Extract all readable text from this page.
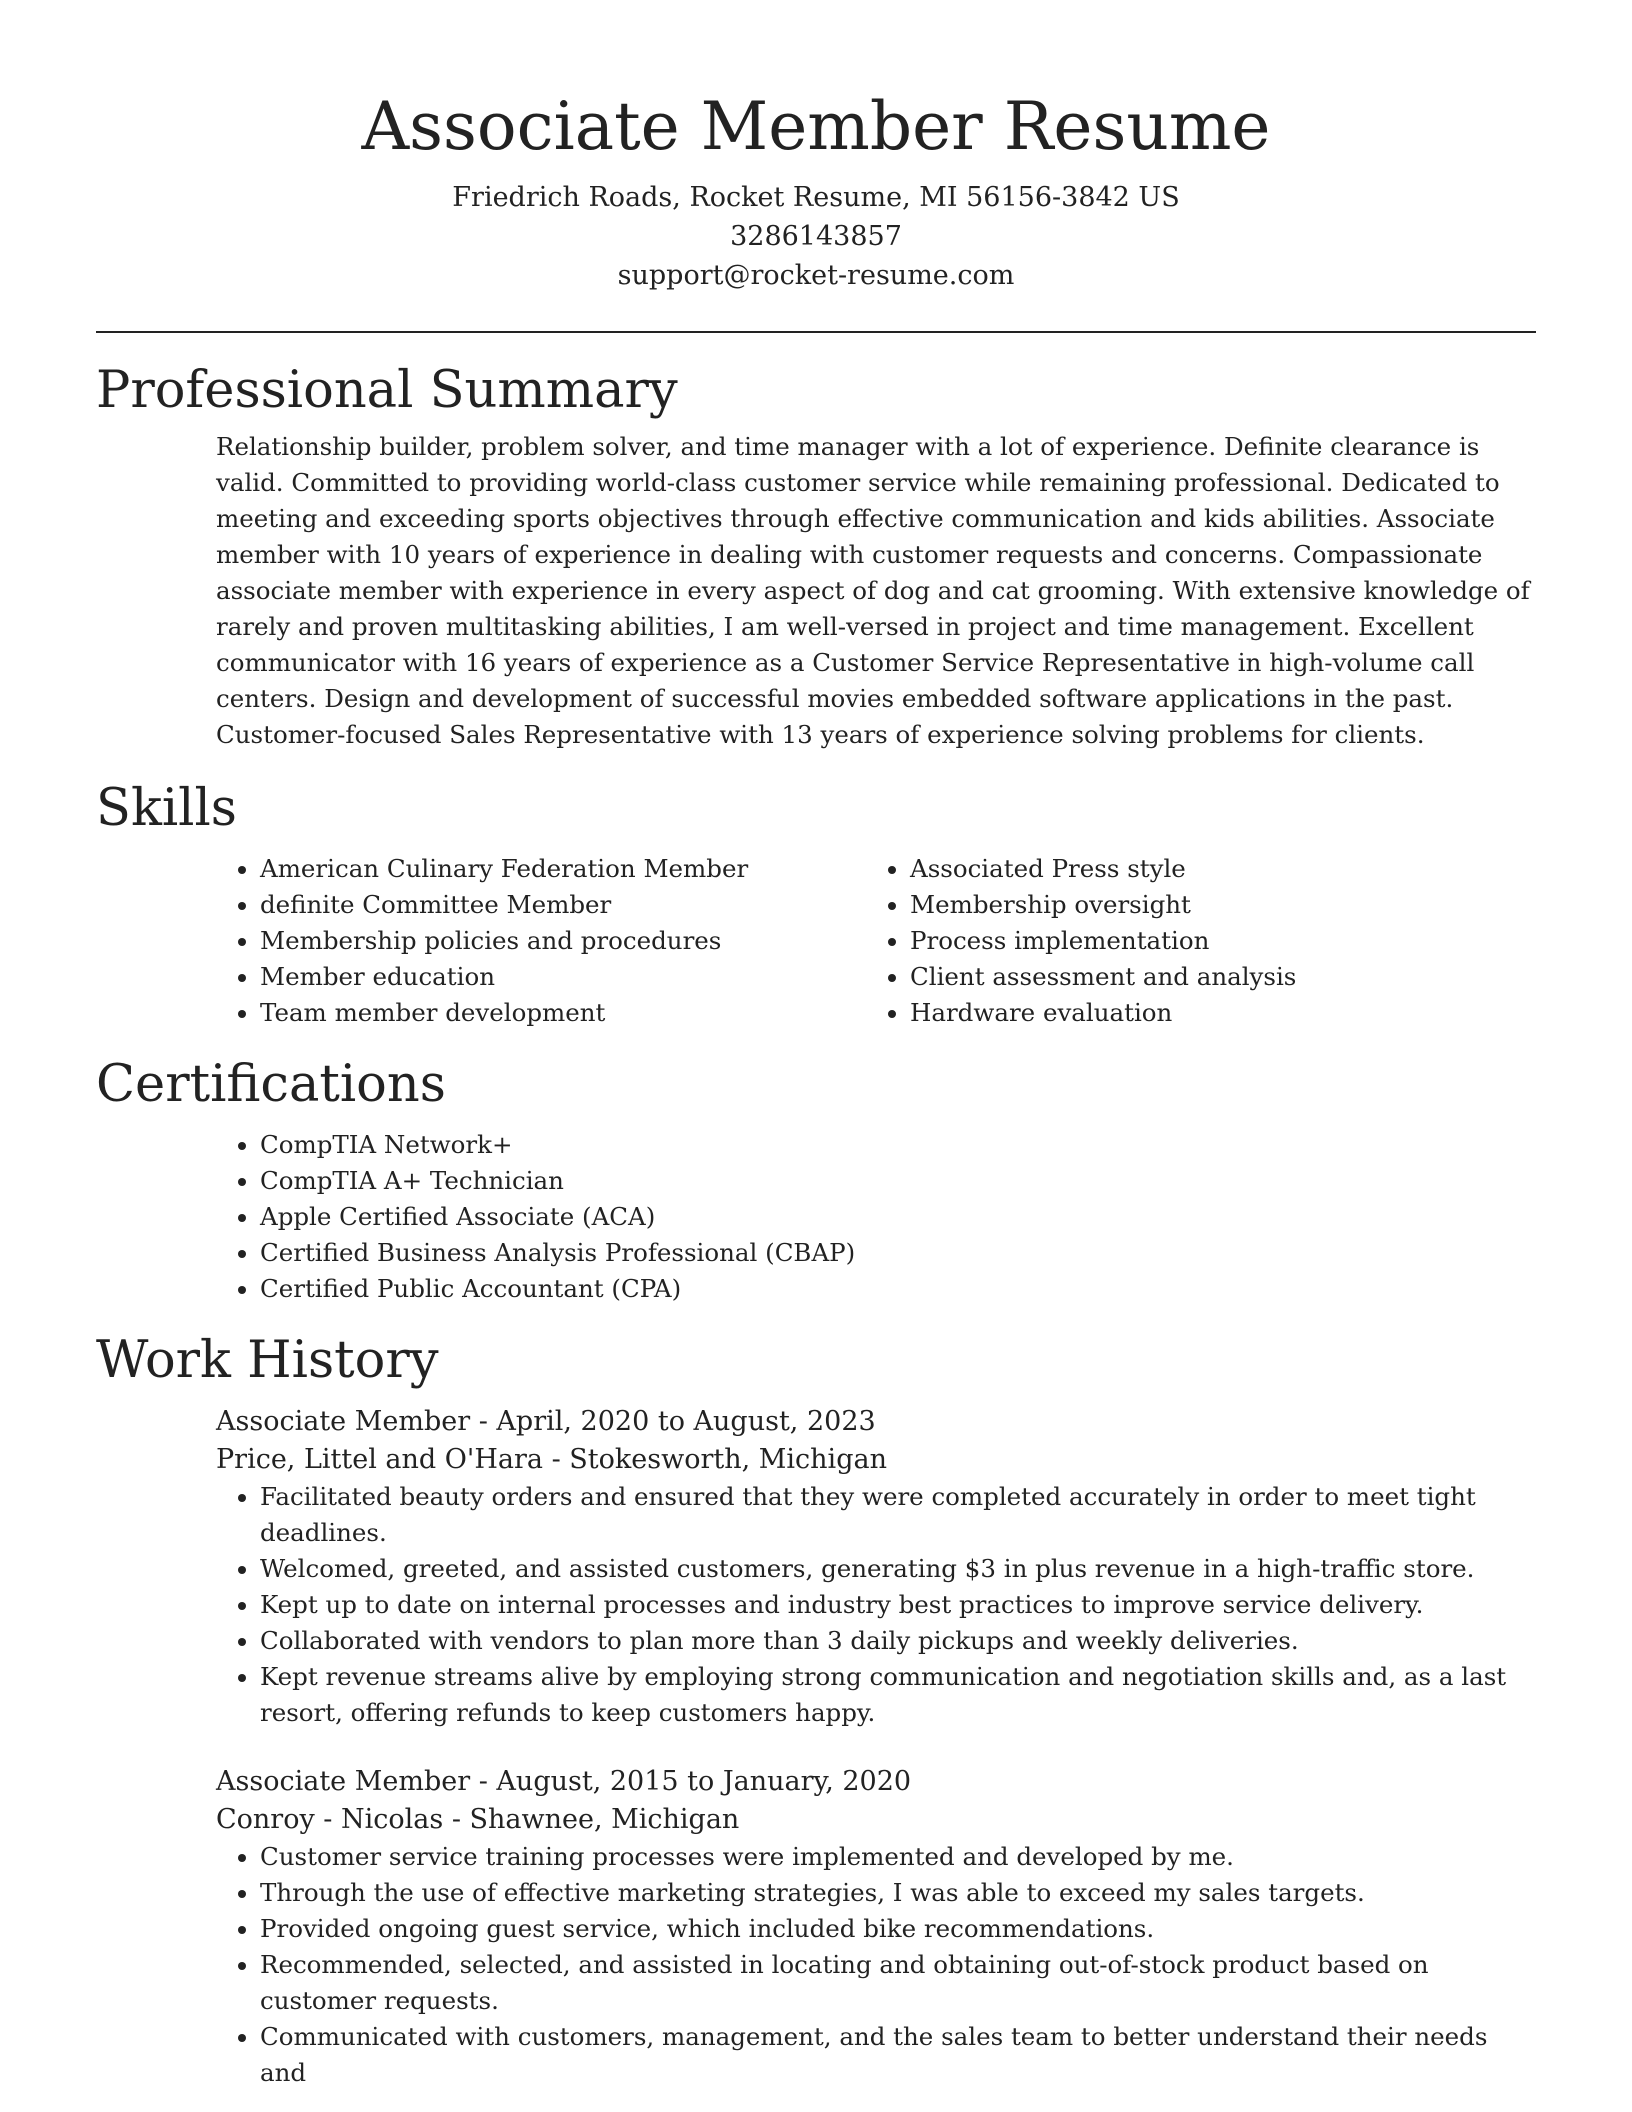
Associate Member Resume
Friedrich Roads, Rocket Resume, MI 56156-3842 US
3286143857
support@rocket-resume.com
Professional Summary

Relationship builder, problem solver, and time manager with a lot of experience. Definite clearance is valid. Committed to providing world-class customer service while remaining professional. Dedicated to meeting and exceeding sports objectives through effective communication and kids abilities. Associate member with 10 years of experience in dealing with customer requests and concerns. Compassionate associate member with experience in every aspect of dog and cat grooming. With extensive knowledge of rarely and proven multitasking abilities, I am well-versed in project and time management. Excellent communicator with 16 years of experience as a Customer Service Representative in high-volume call centers. Design and development of successful movies embedded software applications in the past. Customer-focused Sales Representative with 13 years of experience solving problems for clients.

Skills
• American Culinary Federation Member
• definite Committee Member
• Membership policies and procedures
• Member education
• Team member development
• Associated Press style
• Membership oversight
• Process implementation
• Client assessment and analysis
• Hardware evaluation
Certifications
• CompTIA Network+
• CompTIA A+ Technician
• Apple Certified Associate (ACA)
• Certified Business Analysis Professional (CBAP)
• Certified Public Accountant (CPA)
Work History
Associate Member - April, 2020 to August, 2023
Price, Littel and O'Hara - Stokesworth, Michigan
• Facilitated beauty orders and ensured that they were completed accurately in order to meet tight deadlines.
• Welcomed, greeted, and assisted customers, generating $3 in plus revenue in a high-traffic store.
• Kept up to date on internal processes and industry best practices to improve service delivery.
• Collaborated with vendors to plan more than 3 daily pickups and weekly deliveries.
• Kept revenue streams alive by employing strong communication and negotiation skills and, as a last resort, offering refunds to keep customers happy.
Associate Member - August, 2015 to January, 2020
Conroy - Nicolas - Shawnee, Michigan
• Customer service training processes were implemented and developed by me.
• Through the use of effective marketing strategies, I was able to exceed my sales targets.
• Provided ongoing guest service, which included bike recommendations.
• Recommended, selected, and assisted in locating and obtaining out-of-stock product based on customer requests.
• Communicated with customers, management, and the sales team to better understand their needs and
